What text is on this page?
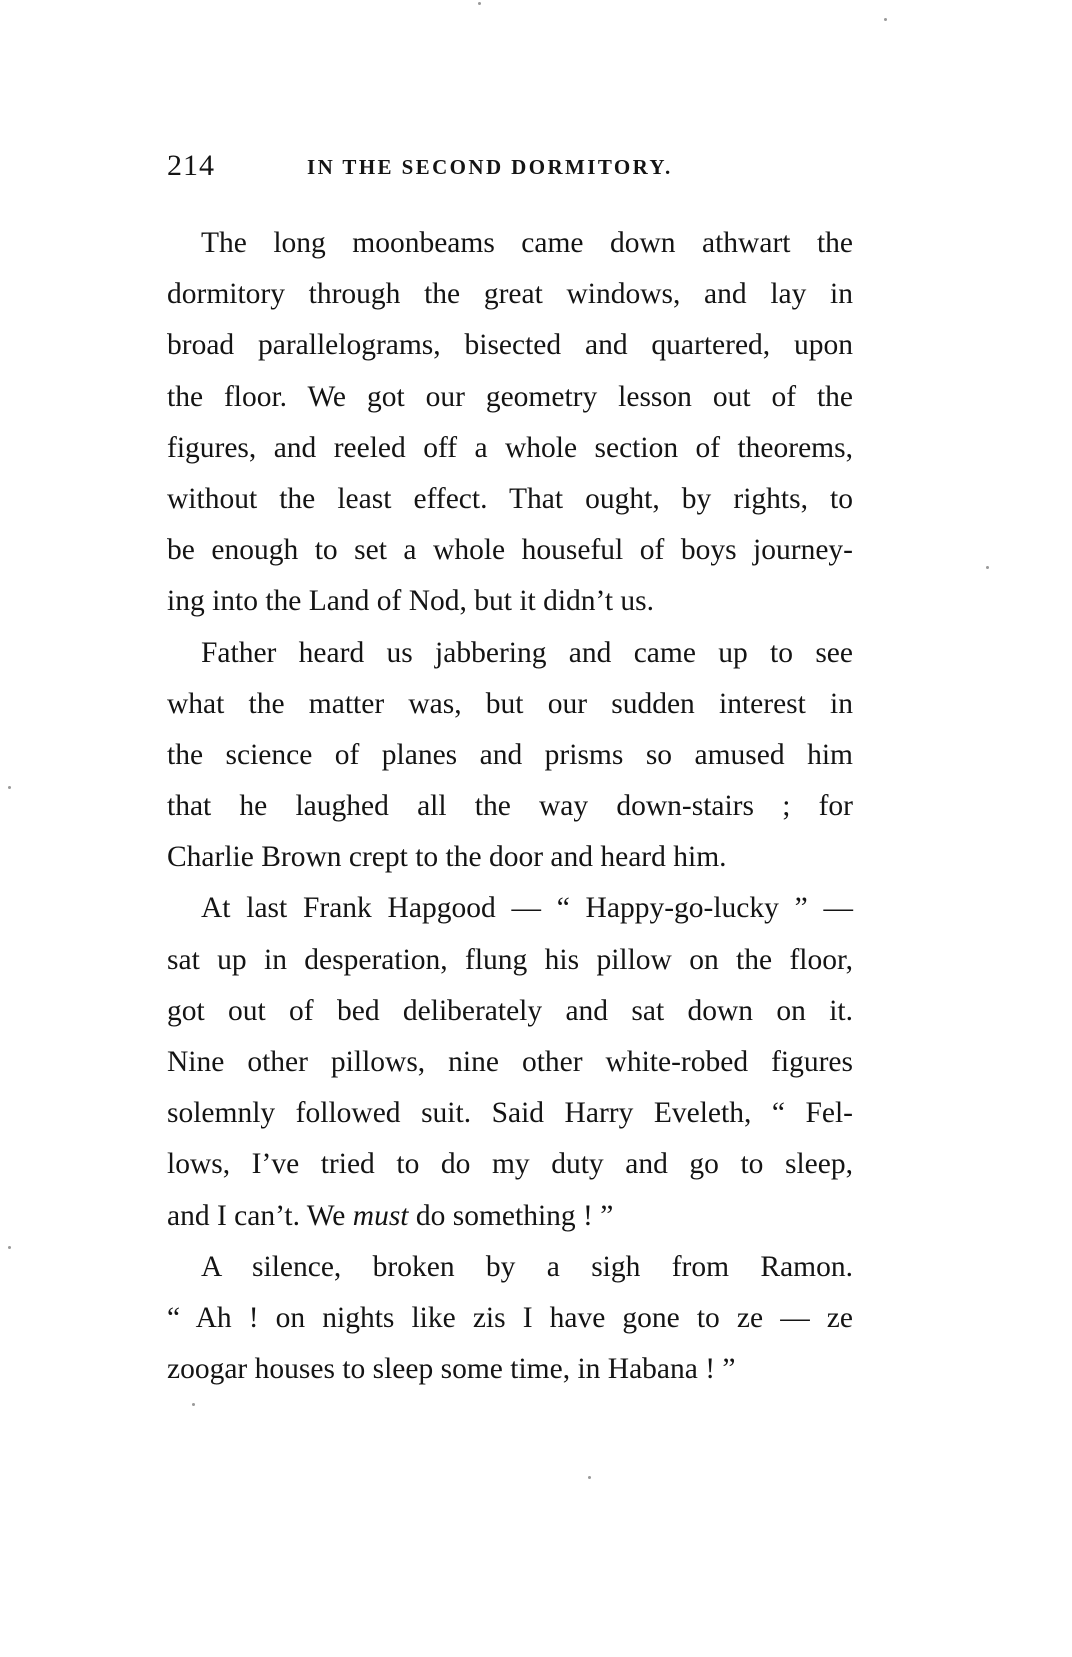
214	IN THE SECOND DORMITORY.
The long moonbeams came down athwart the
dormitory through the great windows, and lay in
broad parallelograms, bisected and quartered, upon
the floor. We got our geometry lesson out of the
figures, and reeled off a whole section of theorems,
without the least effect. That ought, by rights, to
be enough to set a whole houseful of boys journey-
ing into the Land of Nod, but it didn’t us.
Father heard us jabbering and came up to see
what the matter was, but our sudden interest in
the science of planes and prisms so amused him
that he laughed all the way down-stairs ; for
Charlie Brown crept to the door and heard him.
At last Frank Hapgood — “ Happy-go-lucky ” —
sat up in desperation, flung his pillow on the floor,
got out of bed deliberately and sat down on it.
Nine other pillows, nine other white-robed figures
solemnly followed suit. Said Harry Eveleth, “ Fel-
lows, I’ve tried to do my duty and go to sleep,
and I can’t. We must do something ! ”
A silence, broken by a sigh from Ramon.
“ Ah ! on nights like zis I have gone to ze — ze
zoogar houses to sleep some time, in Habana ! ”
